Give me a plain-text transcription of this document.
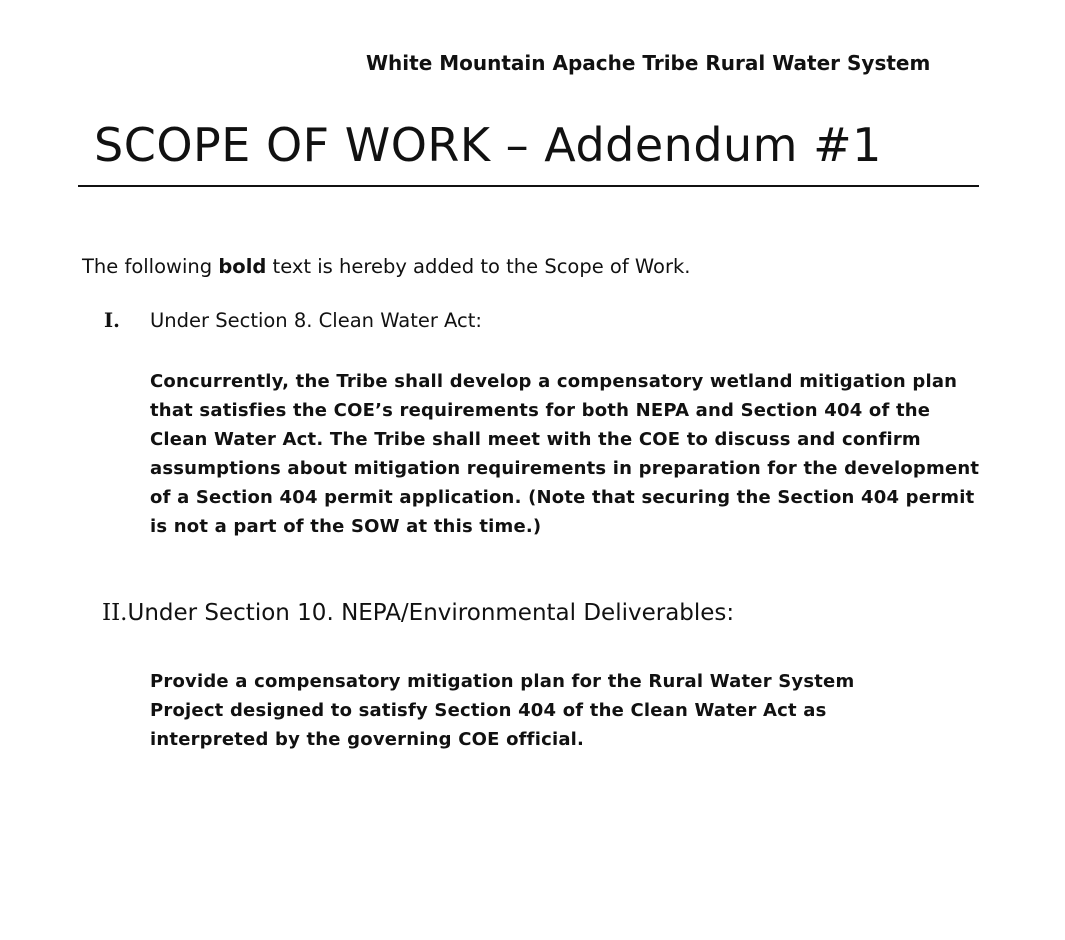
White Mountain Apache Tribe Rural Water System
SCOPE OF WORK – Addendum #1
The following bold text is hereby added to the Scope of Work.
I. Under Section 8. Clean Water Act:
Concurrently, the Tribe shall develop a compensatory wetland mitigation plan that satisfies the COE’s requirements for both NEPA and Section 404 of the Clean Water Act. The Tribe shall meet with the COE to discuss and confirm assumptions about mitigation requirements in preparation for the development of a Section 404 permit application. (Note that securing the Section 404 permit is not a part of the SOW at this time.)
II.Under Section 10. NEPA/Environmental Deliverables:
Provide a compensatory mitigation plan for the Rural Water System Project designed to satisfy Section 404 of the Clean Water Act as interpreted by the governing COE official.
